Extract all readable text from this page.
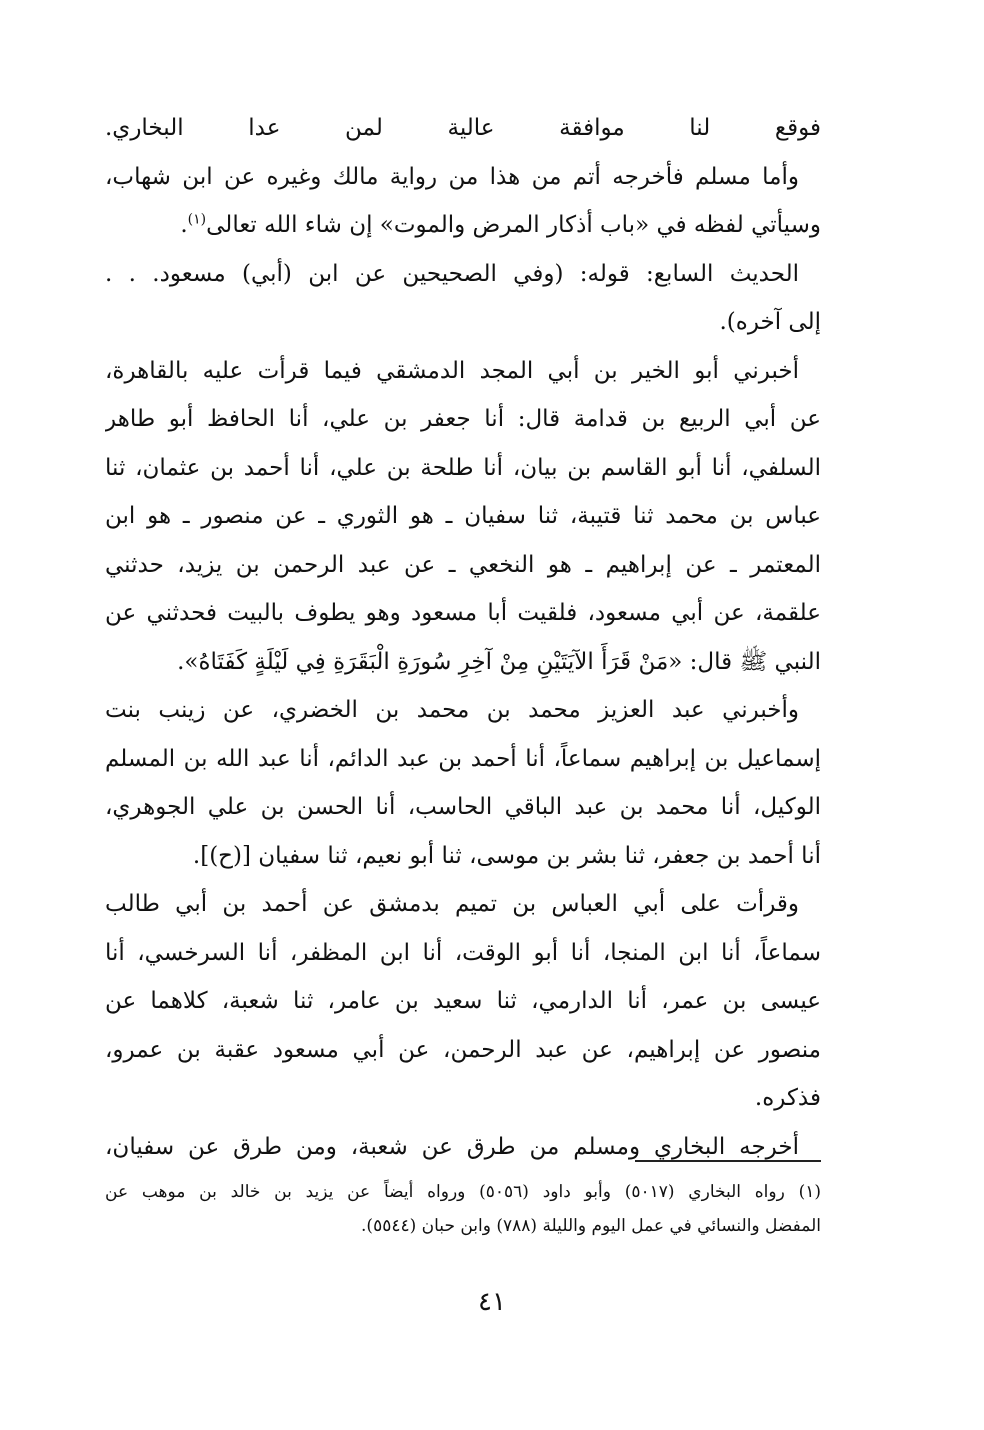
فوقع لنا موافقة عالية لمن عدا البخاري.
وأما مسلم فأخرجه أتم من هذا من رواية مالك وغيره عن ابن شهاب،
وسيأتي لفظه في «باب أذكار المرض والموت» إن شاء الله تعالى$^{(١)}$.
الحديث السابع: قوله: (وفي الصحيحين عن ابن (أبي) مسعود. . .
إلى آخره).
أخبرني أبو الخير بن أبي المجد الدمشقي فيما قرأت عليه بالقاهرة،
عن أبي الربيع بن قدامة قال: أنا جعفر بن علي، أنا الحافظ أبو طاهر
السلفي، أنا أبو القاسم بن بيان، أنا طلحة بن علي، أنا أحمد بن عثمان، ثنا
عباس بن محمد ثنا قتيبة، ثنا سفيان ـ هو الثوري ـ عن منصور ـ هو ابن
المعتمر ـ عن إبراهيم ـ هو النخعي ـ عن عبد الرحمن بن يزيد، حدثني
علقمة، عن أبي مسعود، فلقيت أبا مسعود وهو يطوف بالبيت فحدثني عن
النبي ﷺ قال: «مَنْ قَرَأَ الآيَتَيْنِ مِنْ آخِرِ سُورَةِ الْبَقَرَةِ فِي لَيْلَةٍ كَفَتَاهُ».
وأخبرني عبد العزيز محمد بن محمد بن الخضري، عن زينب بنت
إسماعيل بن إبراهيم سماعاً، أنا أحمد بن عبد الدائم، أنا عبد الله بن المسلم
الوكيل، أنا محمد بن عبد الباقي الحاسب، أنا الحسن بن علي الجوهري،
أنا أحمد بن جعفر، ثنا بشر بن موسى، ثنا أبو نعيم، ثنا سفيان [(ح)].
وقرأت على أبي العباس بن تميم بدمشق عن أحمد بن أبي طالب
سماعاً، أنا ابن المنجا، أنا أبو الوقت، أنا ابن المظفر، أنا السرخسي، أنا
عيسى بن عمر، أنا الدارمي، ثنا سعيد بن عامر، ثنا شعبة، كلاهما عن
منصور عن إبراهيم، عن عبد الرحمن، عن أبي مسعود عقبة بن عمرو،
فذكره.
أخرجه البخاري ومسلم من طرق عن شعبة، ومن طرق عن سفيان،
(١) رواه البخاري (٥٠١٧) وأبو داود (٥٠٥٦) ورواه أيضاً عن يزيد بن خالد بن موهب عن
المفضل والنسائي في عمل اليوم والليلة (٧٨٨) وابن حبان (٥٥٤٤).
٤١
